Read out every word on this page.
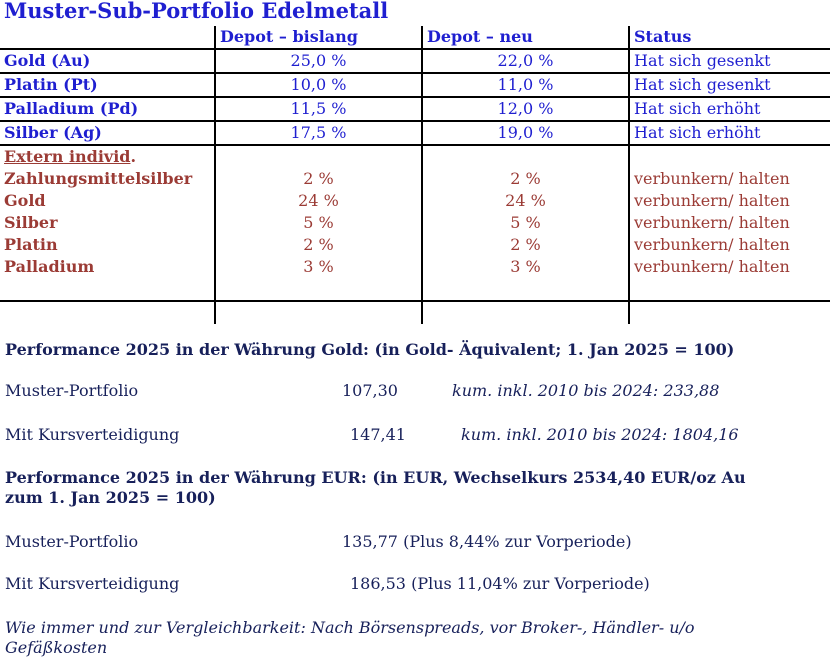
Muster-Sub-Portfolio Edelmetall
	Depot – bislang	Depot – neu	Status
Gold (Au)	25,0 %	22,0 %	Hat sich gesenkt
Platin (Pt)	10,0 %	11,0 %	Hat sich gesenkt
Palladium (Pd)	11,5 %	12,0 %	Hat sich erhöht
Silber (Ag)	17,5 %	19,0 %	Hat sich erhöht
Extern individ.			
Zahlungsmittelsilber	2 %	2 %	verbunkern/ halten
Gold	24 %	24 %	verbunkern/ halten
Silber	5 %	5 %	verbunkern/ halten
Platin	2 %	2 %	verbunkern/ halten
Palladium	3 %	3 %	verbunkern/ halten

Performance 2025 in der Währung Gold: (in Gold- Äquivalent; 1. Jan 2025 = 100)
Muster-Portfolio	107,30	kum. inkl. 2010 bis 2024: 233,88
Mit Kursverteidigung	147,41	kum. inkl. 2010 bis 2024: 1804,16
Performance 2025 in der Währung EUR: (in EUR, Wechselkurs 2534,40 EUR/oz Au
zum 1. Jan 2025 = 100)
Muster-Portfolio	135,77 (Plus 8,44% zur Vorperiode)
Mit Kursverteidigung	186,53 (Plus 11,04% zur Vorperiode)
Wie immer und zur Vergleichbarkeit: Nach Börsenspreads, vor Broker-, Händler- u/o
Gefäßkosten
